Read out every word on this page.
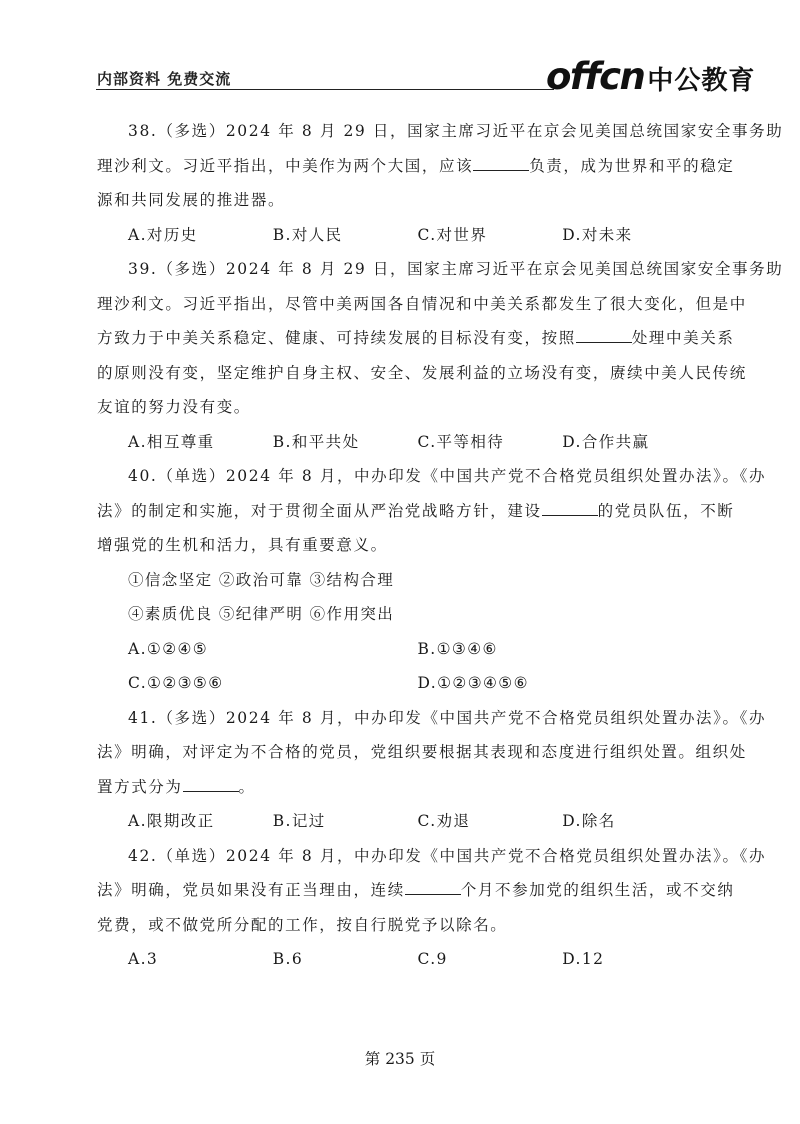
内部资料 免费交流	offcn 中公教育
38.（多选）2024 年 8 月 29 日，国家主席习近平在京会见美国总统国家安全事务助
理沙利文。习近平指出，中美作为两个大国，应该	负责，成为世界和平的稳定
源和共同发展的推进器。
A.对历史	B.对人民	C.对世界	D.对未来
39.（多选）2024 年 8 月 29 日，国家主席习近平在京会见美国总统国家安全事务助
理沙利文。习近平指出，尽管中美两国各自情况和中美关系都发生了很大变化，但是中
方致力于中美关系稳定、健康、可持续发展的目标没有变，按照	处理中美关系
的原则没有变，坚定维护自身主权、安全、发展利益的立场没有变，赓续中美人民传统
友谊的努力没有变。
A.相互尊重	B.和平共处	C.平等相待	D.合作共赢
40.（单选）2024 年 8 月，中办印发《中国共产党不合格党员组织处置办法》。《办
法》的制定和实施，对于贯彻全面从严治党战略方针，建设	的党员队伍，不断
增强党的生机和活力，具有重要意义。
①信念坚定 ②政治可靠 ③结构合理
④素质优良 ⑤纪律严明 ⑥作用突出
A.①②④⑤	B.①③④⑥
C.①②③⑤⑥	D.①②③④⑤⑥
41.（多选）2024 年 8 月，中办印发《中国共产党不合格党员组织处置办法》。《办
法》明确，对评定为不合格的党员，党组织要根据其表现和态度进行组织处置。组织处
置方式分为	。
A.限期改正	B.记过	C.劝退	D.除名
42.（单选）2024 年 8 月，中办印发《中国共产党不合格党员组织处置办法》。《办
法》明确，党员如果没有正当理由，连续	个月不参加党的组织生活，或不交纳
党费，或不做党所分配的工作，按自行脱党予以除名。
A.3	B.6	C.9	D.12
第 235 页
